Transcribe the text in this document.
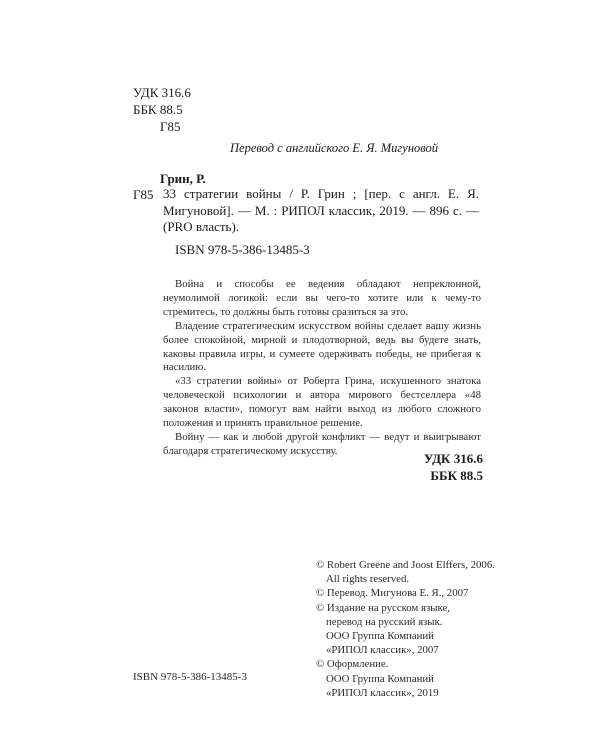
УДК 316.6
ББК 88.5
Г85
Перевод с английского Е. Я. Мигуновой
Грин, Р.
Г85 33 стратегии войны / Р. Грин ; [пер. с англ. Е. Я. Мигуновой]. — М. : РИПОЛ классик, 2019. — 896 с. — (PRO власть).
ISBN 978-5-386-13485-3

Война и способы ее ведения обладают непреклонной, неумолимой логикой: если вы чего-то хотите или к чему-то стремитесь, то должны быть готовы сразиться за это.

Владение стратегическим искусством войны сделает вашу жизнь более спокойной, мирной и плодотворной, ведь вы будете знать, каковы правила игры, и сумеете одерживать победы, не прибегая к насилию.

«33 стратегии войны» от Роберта Грина, искушенного знатока человеческой психологии и автора мирового бестселлера «48 законов власти», помогут вам найти выход из любого сложного положения и принять правильное решение.

Войну — как и любой другой конфликт — ведут и выигрывают благодаря стратегическому искусству.

УДК 316.6
ББК 88.5
© Robert Greene and Joost Elffers, 2006.
All rights reserved.
© Перевод. Мигунова Е. Я., 2007
© Издание на русском языке,
перевод на русский язык.
ООО Группа Компаний
«РИПОЛ классик», 2007
© Оформление.
ООО Группа Компаний
«РИПОЛ классик», 2019
ISBN 978-5-386-13485-3
